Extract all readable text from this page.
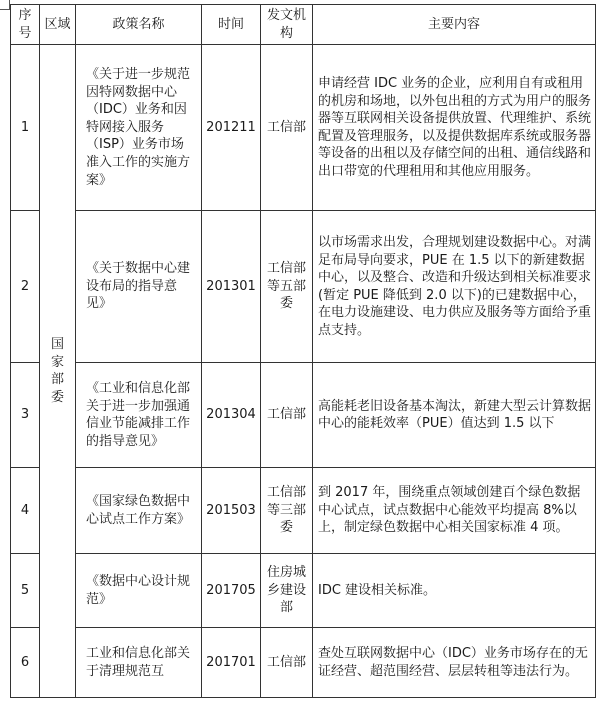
序号	区域	政策名称	时间	发文机构	主要内容
1	国家部委	《关于进一步规范因特网数据中心（IDC）业务和因特网接入服务（ISP）业务市场准入工作的实施方案》	201211	工信部	申请经营 IDC 业务的企业，应利用自有或租用的机房和场地，以外包出租的方式为用户的服务器等互联网相关设备提供放置、代理维护、系统配置及管理服务，以及提供数据库系统或服务器等设备的出租以及存储空间的出租、通信线路和出口带宽的代理租用和其他应用服务。
2		《关于数据中心建设布局的指导意见》	201301	工信部等五部委	以市场需求出发，合理规划建设数据中心。对满足布局导向要求，PUE 在 1.5 以下的新建数据中心，以及整合、改造和升级达到相关标准要求(暂定 PUE 降低到 2.0 以下)的已建数据中心，在电力设施建设、电力供应及服务等方面给予重点支持。
3		《工业和信息化部关于进一步加强通信业节能减排工作的指导意见》	201304	工信部	高能耗老旧设备基本淘汰，新建大型云计算数据中心的能耗效率（PUE）值达到 1.5 以下
4		《国家绿色数据中心试点工作方案》	201503	工信部等三部委	到 2017 年，围绕重点领域创建百个绿色数据中心试点，试点数据中心能效平均提高 8%以上，制定绿色数据中心相关国家标准 4 项。
5		《数据中心设计规范》	201705	住房城乡建设部	IDC 建设相关标准。
6		工业和信息化部关于清理规范互	201701	工信部	查处互联网数据中心（IDC）业务市场存在的无证经营、超范围经营、层层转租等违法行为。
